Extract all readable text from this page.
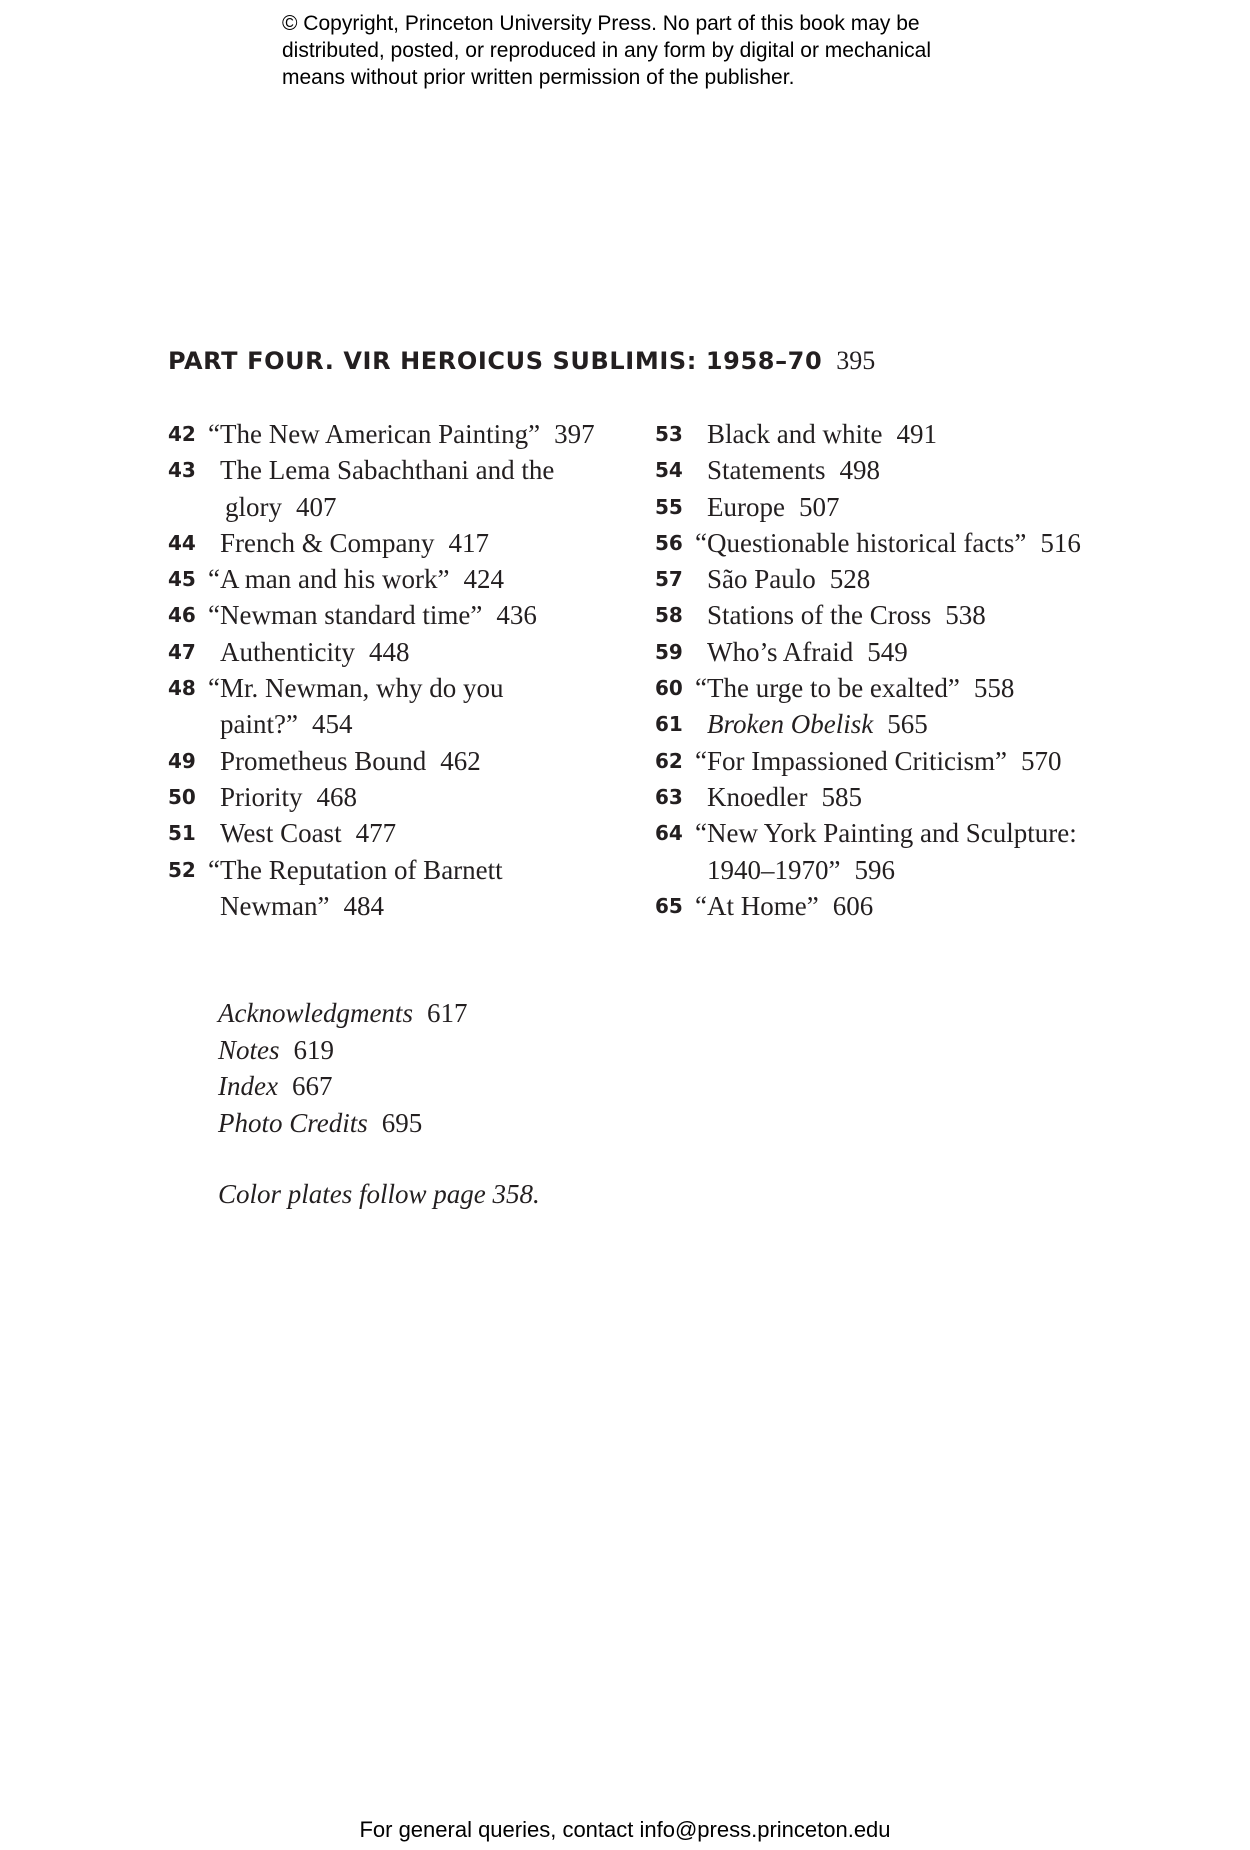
© Copyright, Princeton University Press. No part of this book may be
distributed, posted, or reproduced in any form by digital or mechanical
means without prior written permission of the publisher.
PART FOUR. VIR HEROICUS SUBLIMIS: 1958–70 395
42 “The New American Painting” 397
43 The Lema Sabachthani and the
glory 407
44 French & Company 417
45 “A man and his work” 424
46 “Newman standard time” 436
47 Authenticity 448
48 “Mr. Newman, why do you
paint?” 454
49 Prometheus Bound 462
50 Priority 468
51 West Coast 477
52 “The Reputation of Barnett
Newman” 484
53 Black and white 491
54 Statements 498
55 Europe 507
56 “Questionable historical facts” 516
57 São Paulo 528
58 Stations of the Cross 538
59 Who’s Afraid 549
60 “The urge to be exalted” 558
61 Broken Obelisk 565
62 “For Impassioned Criticism” 570
63 Knoedler 585
64 “New York Painting and Sculpture:
1940–1970” 596
65 “At Home” 606
Acknowledgments 617
Notes 619
Index 667
Photo Credits 695
Color plates follow page 358.
For general queries, contact info@press.princeton.edu
